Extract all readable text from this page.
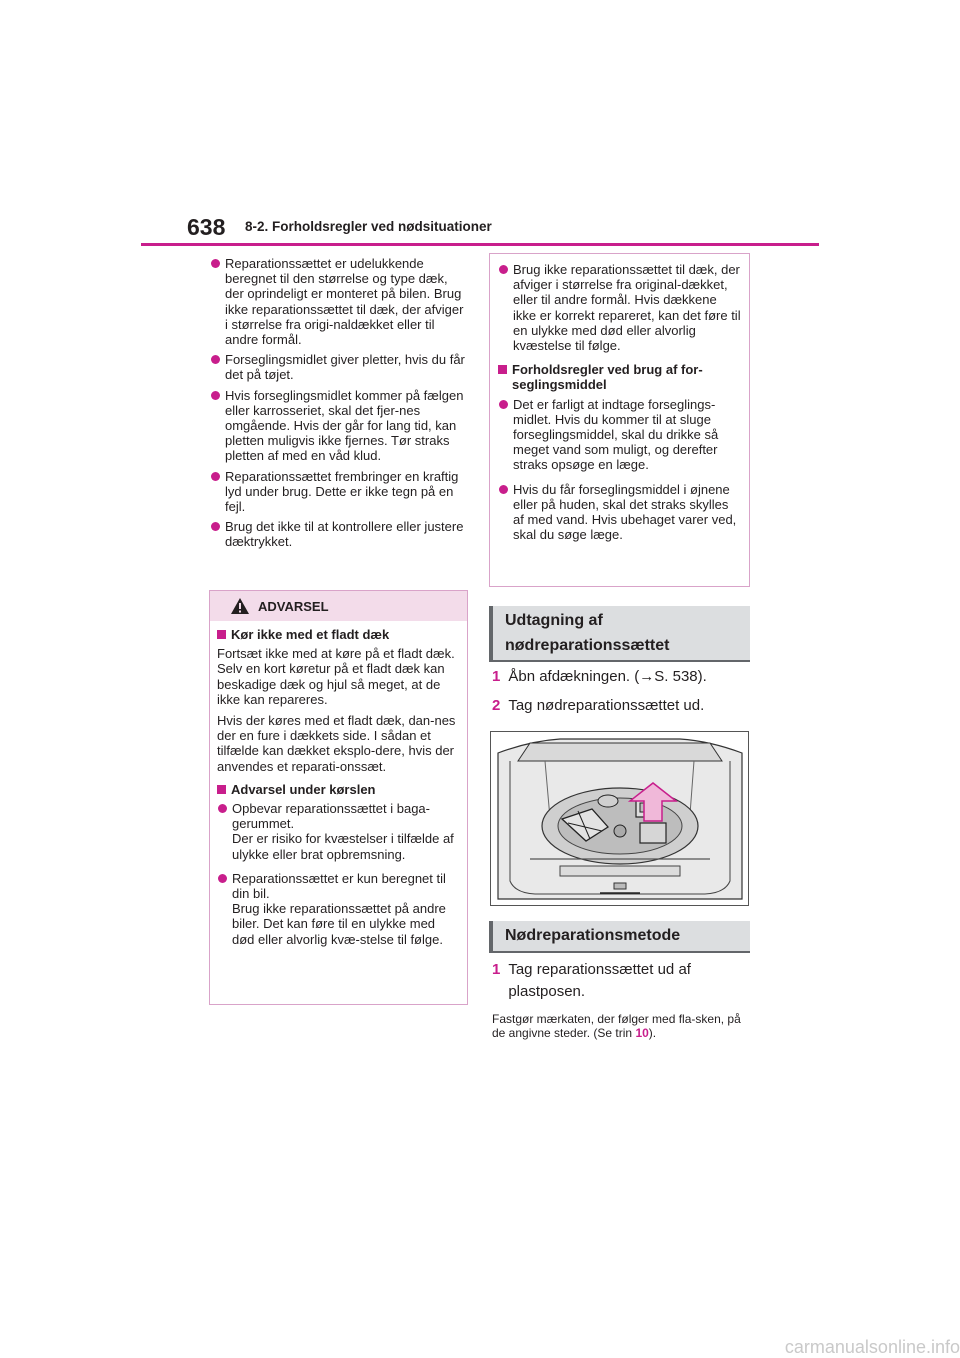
638 8-2. Forholdsregler ved nødsituationer
Reparationssættet er udelukkende beregnet til den størrelse og type dæk, der oprindeligt er monteret på bilen. Brug ikke reparationssættet til dæk, der afviger i størrelse fra origi-naldækket eller til andre formål.
Forseglingsmidlet giver pletter, hvis du får det på tøjet.
Hvis forseglingsmidlet kommer på fælgen eller karrosseriet, skal det fjer-nes omgående. Hvis der går for lang tid, kan pletten muligvis ikke fjernes. Tør straks pletten af med en våd klud.
Reparationssættet frembringer en kraftig lyd under brug. Dette er ikke tegn på en fejl.
Brug det ikke til at kontrollere eller justere dæktrykket.
ADVARSEL
Kør ikke med et fladt dæk

Fortsæt ikke med at køre på et fladt dæk. Selv en kort køretur på et fladt dæk kan beskadige dæk og hjul så meget, at de ikke kan repareres.

Hvis der køres med et fladt dæk, dan-nes der en fure i dækkets side. I sådan et tilfælde kan dækket eksplo-dere, hvis der anvendes et reparati-onssæt.

Advarsel under kørslen
Opbevar reparationssættet i baga-gerummet.
Der er risiko for kvæstelser i tilfælde af ulykke eller brat opbremsning.
Reparationssættet er kun beregnet til din bil.
Brug ikke reparationssættet på andre biler. Det kan føre til en ulykke med død eller alvorlig kvæ-stelse til følge.
Brug ikke reparationssættet til dæk, der afviger i størrelse fra original-dækket, eller til andre formål. Hvis dækkene ikke er korrekt repareret, kan det føre til en ulykke med død eller alvorlig kvæstelse til følge.
Forholdsregler ved brug af for-seglingsmiddel
Det er farligt at indtage forseglings-midlet. Hvis du kommer til at sluge forseglingsmiddel, skal du drikke så meget vand som muligt, og derefter straks opsøge en læge.
Hvis du får forseglingsmiddel i øjnene eller på huden, skal det straks skylles af med vand. Hvis ubehaget varer ved, skal du søge læge.
Udtagning af
nødreparationssættet
1 Åbn afdækningen. (→S. 538).
2 Tag nødreparationssættet ud.
Nødreparationsmetode
1 Tag reparationssættet ud af plastposen.
Fastgør mærkaten, der følger med fla-sken, på de angivne steder. (Se trin 10).
carmanualsonline.info
